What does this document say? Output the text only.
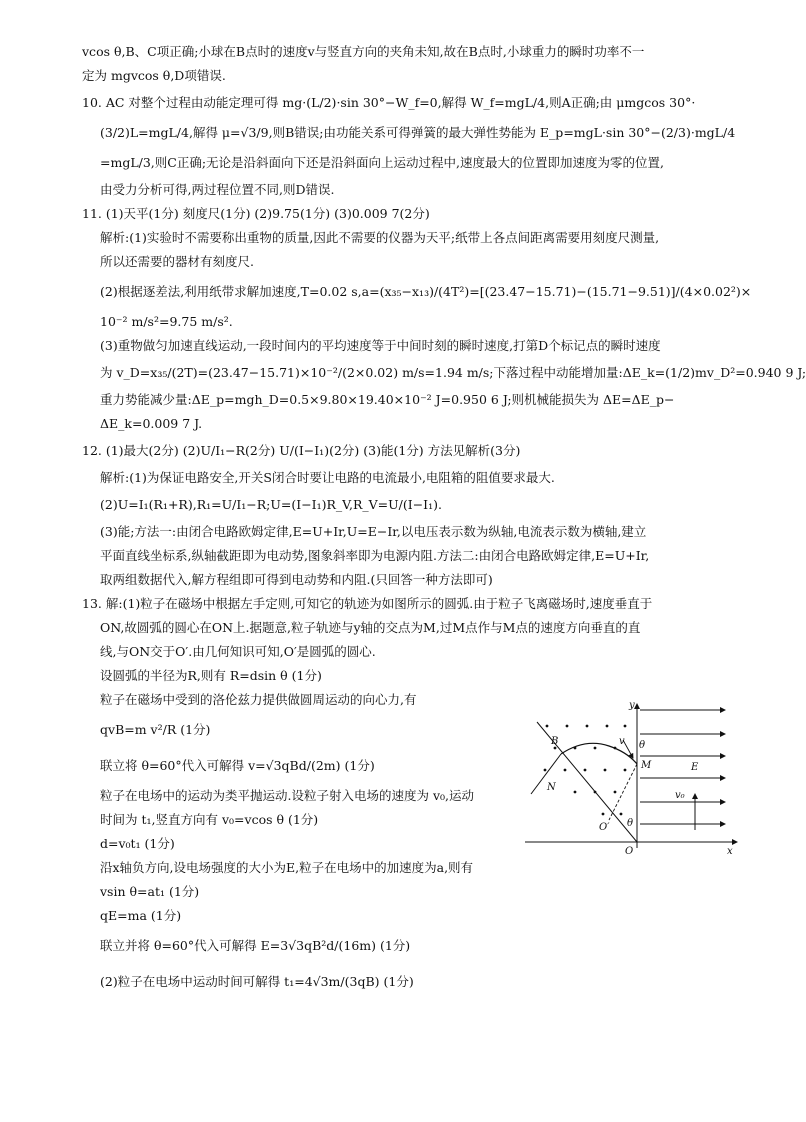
vcos θ,B、C项正确;小球在B点时的速度v与竖直方向的夹角未知,故在B点时,小球重力的瞬时功率不一
定为 mgvcos θ,D项错误.
10. AC 对整个过程由动能定理可得 mg·(L/2)·sin 30°−W_f=0,解得 W_f=mgL/4,则A正确;由 μmgcos 30°·
(3/2)L=mgL/4,解得 μ=√3/9,则B错误;由功能关系可得弹簧的最大弹性势能为 E_p=mgL·sin 30°−(2/3)·mgL/4
=mgL/3,则C正确;无论是沿斜面向下还是沿斜面向上运动过程中,速度最大的位置即加速度为零的位置,
由受力分析可得,两过程位置不同,则D错误.
11. (1)天平(1分) 刻度尺(1分) (2)9.75(1分) (3)0.009 7(2分)
解析:(1)实验时不需要称出重物的质量,因此不需要的仪器为天平;纸带上各点间距离需要用刻度尺测量,
所以还需要的器材有刻度尺.
(2)根据逐差法,利用纸带求解加速度,T=0.02 s,a=(x₃₅−x₁₃)/(4T²)=[(23.47−15.71)−(15.71−9.51)]/(4×0.02²)×
10⁻² m/s²=9.75 m/s².
(3)重物做匀加速直线运动,一段时间内的平均速度等于中间时刻的瞬时速度,打第D个标记点的瞬时速度
为 v_D=x₃₅/(2T)=(23.47−15.71)×10⁻²/(2×0.02) m/s=1.94 m/s;下落过程中动能增加量:ΔE_k=(1/2)mv_D²=0.940 9 J;
重力势能减少量:ΔE_p=mgh_D=0.5×9.80×19.40×10⁻² J=0.950 6 J;则机械能损失为 ΔE=ΔE_p−
ΔE_k=0.009 7 J.
12. (1)最大(2分) (2)U/I₁−R(2分) U/(I−I₁)(2分) (3)能(1分) 方法见解析(3分)
解析:(1)为保证电路安全,开关S闭合时要让电路的电流最小,电阻箱的阻值要求最大.
(2)U=I₁(R₁+R),R₁=U/I₁−R;U=(I−I₁)R_V,R_V=U/(I−I₁).
(3)能;方法一:由闭合电路欧姆定律,E=U+Ir,U=E−Ir,以电压表示数为纵轴,电流表示数为横轴,建立
平面直线坐标系,纵轴截距即为电动势,图象斜率即为电源内阻.方法二:由闭合电路欧姆定律,E=U+Ir,
取两组数据代入,解方程组即可得到电动势和内阻.(只回答一种方法即可)
13. 解:(1)粒子在磁场中根据左手定则,可知它的轨迹为如图所示的圆弧.由于粒子飞离磁场时,速度垂直于
ON,故圆弧的圆心在ON上.据题意,粒子轨迹与y轴的交点为M,过M点作与M点的速度方向垂直的直
线,与ON交于O′.由几何知识可知,O′是圆弧的圆心.
设圆弧的半径为R,则有 R=dsin θ (1分)
粒子在磁场中受到的洛伦兹力提供做圆周运动的向心力,有
qvB=m v²/R (1分)
联立将 θ=60°代入可解得 v=√3qBd/(2m) (1分)
粒子在电场中的运动为类平抛运动.设粒子射入电场的速度为 v₀,运动
时间为 t₁,竖直方向有 v₀=vcos θ (1分)
d=v₀t₁ (1分)
沿x轴负方向,设电场强度的大小为E,粒子在电场中的加速度为a,则有
vsin θ=at₁ (1分)
qE=ma (1分)
联立并将 θ=60°代入可解得 E=3√3qB²d/(16m) (1分)
(2)粒子在电场中运动时间可解得 t₁=4√3m/(3qB) (1分)
y
x
O
O′
M
N
B	v
E
v₀
θ
θ
